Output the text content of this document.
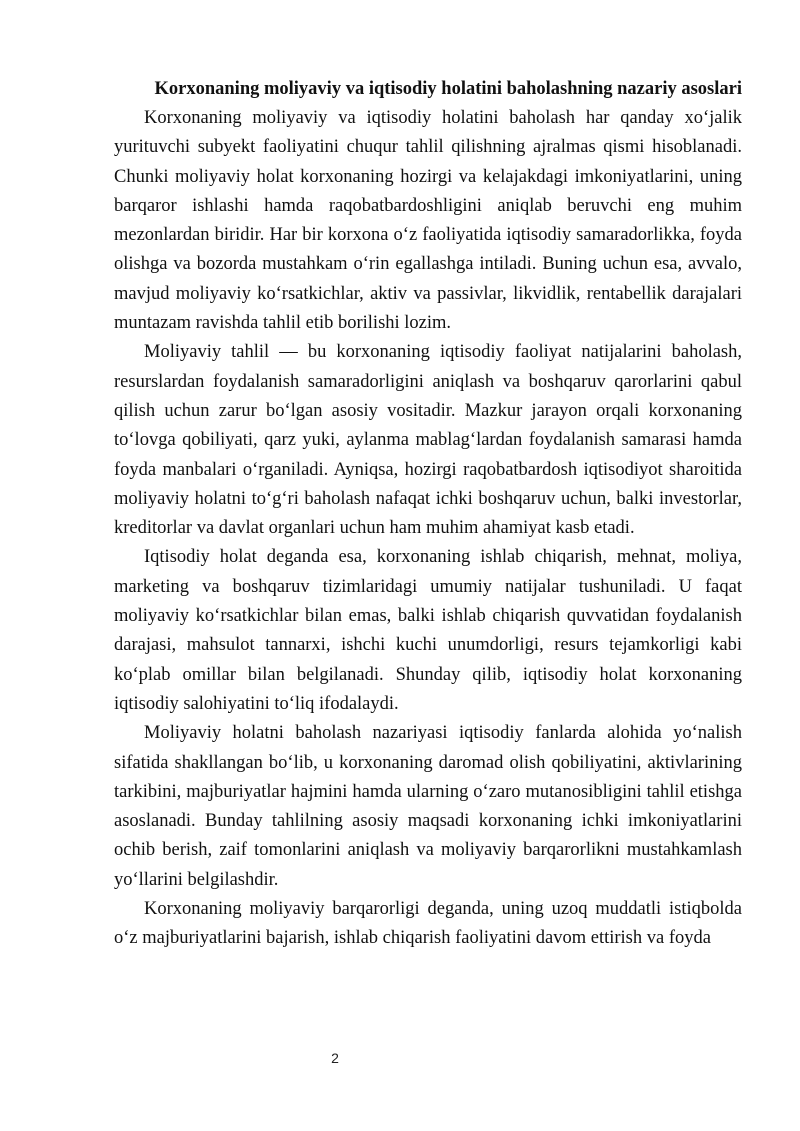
Korxonaning moliyaviy va iqtisodiy holatini baholashning nazariy asoslari

Korxonaning moliyaviy va iqtisodiy holatini baholash har qanday xo‘jalik yurituvchi subyekt faoliyatini chuqur tahlil qilishning ajralmas qismi hisoblanadi. Chunki moliyaviy holat korxonaning hozirgi va kelajakdagi imkoniyatlarini, uning barqaror ishlashi hamda raqobatbardoshligini aniqlab beruvchi eng muhim mezonlardan biridir. Har bir korxona o‘z faoliyatida iqtisodiy samaradorlikka, foyda olishga va bozorda mustahkam o‘rin egallashga intiladi. Buning uchun esa, avvalo, mavjud moliyaviy ko‘rsatkichlar, aktiv va passivlar, likvidlik, rentabellik darajalari muntazam ravishda tahlil etib borilishi lozim.

Moliyaviy tahlil — bu korxonaning iqtisodiy faoliyat natijalarini baholash, resurslardan foydalanish samaradorligini aniqlash va boshqaruv qarorlarini qabul qilish uchun zarur bo‘lgan asosiy vositadir. Mazkur jarayon orqali korxonaning to‘lovga qobiliyati, qarz yuki, aylanma mablag‘lardan foydalanish samarasi hamda foyda manbalari o‘rganiladi. Ayniqsa, hozirgi raqobatbardosh iqtisodiyot sharoitida moliyaviy holatni to‘g‘ri baholash nafaqat ichki boshqaruv uchun, balki investorlar, kreditorlar va davlat organlari uchun ham muhim ahamiyat kasb etadi.

Iqtisodiy holat deganda esa, korxonaning ishlab chiqarish, mehnat, moliya, marketing va boshqaruv tizimlaridagi umumiy natijalar tushuniladi. U faqat moliyaviy ko‘rsatkichlar bilan emas, balki ishlab chiqarish quvvatidan foydalanish darajasi, mahsulot tannarxi, ishchi kuchi unumdorligi, resurs tejamkorligi kabi ko‘plab omillar bilan belgilanadi. Shunday qilib, iqtisodiy holat korxonaning iqtisodiy salohiyatini to‘liq ifodalaydi.

Moliyaviy holatni baholash nazariyasi iqtisodiy fanlarda alohida yo‘nalish sifatida shakllangan bo‘lib, u korxonaning daromad olish qobiliyatini, aktivlarining tarkibini, majburiyatlar hajmini hamda ularning o‘zaro mutanosibligini tahlil etishga asoslanadi. Bunday tahlilning asosiy maqsadi korxonaning ichki imkoniyatlarini ochib berish, zaif tomonlarini aniqlash va moliyaviy barqarorlikni mustahkamlash yo‘llarini belgilashdir.

Korxonaning moliyaviy barqarorligi deganda, uning uzoq muddatli istiqbolda o‘z majburiyatlarini bajarish, ishlab chiqarish faoliyatini davom ettirish va foyda

2
